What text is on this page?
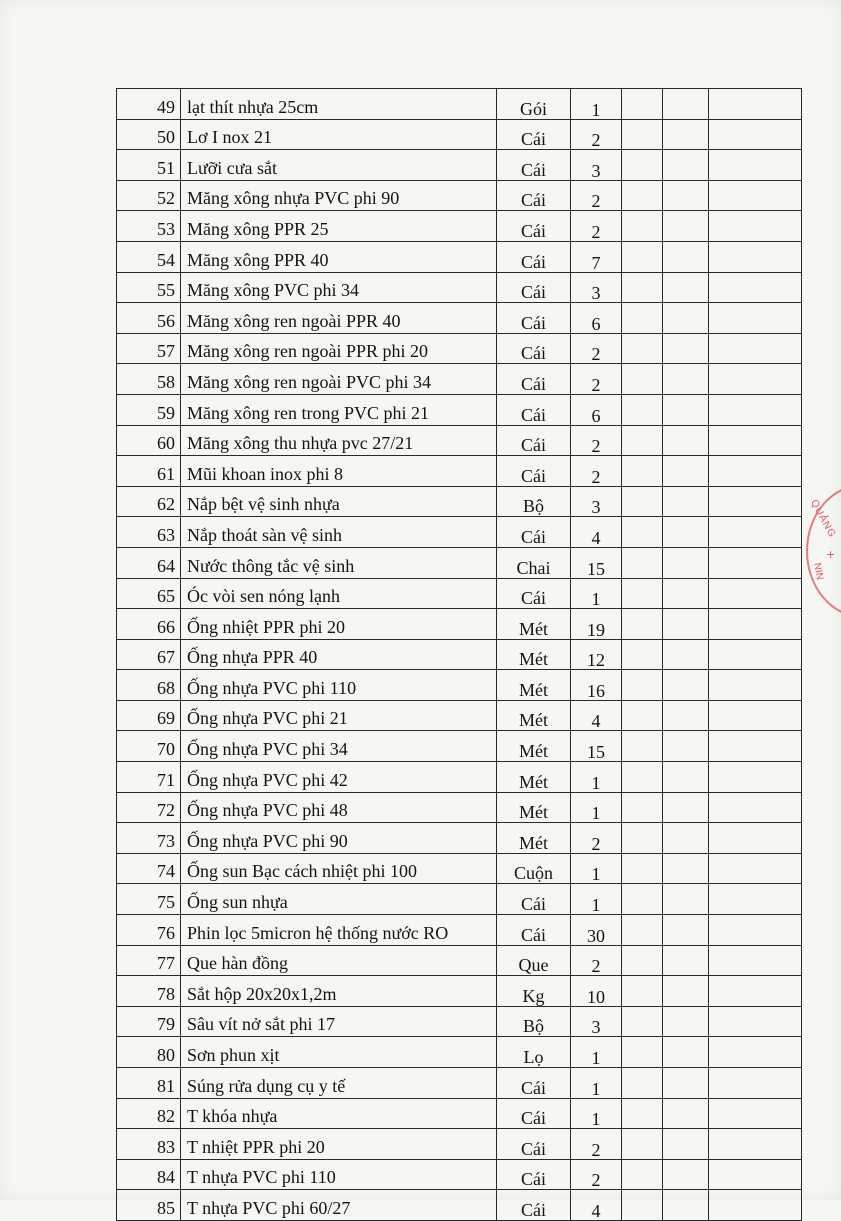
49	lạt thít nhựa 25cm	Gói	1			
50	Lơ I nox 21	Cái	2			
51	Lưỡi cưa sắt	Cái	3			
52	Măng xông nhựa PVC phi 90	Cái	2			
53	Măng xông PPR 25	Cái	2			
54	Măng xông PPR 40	Cái	7			
55	Măng xông PVC phi 34	Cái	3			
56	Măng xông ren ngoài PPR 40	Cái	6			
57	Măng xông ren ngoài PPR phi 20	Cái	2			
58	Măng xông ren ngoài PVC phi 34	Cái	2			
59	Măng xông ren trong PVC phi 21	Cái	6			
60	Măng xông thu nhựa pvc 27/21	Cái	2			
61	Mũi khoan inox phi 8	Cái	2			
62	Nắp bệt vệ sinh nhựa	Bộ	3			
63	Nắp thoát sàn vệ sinh	Cái	4			
64	Nước thông tắc vệ sinh	Chai	15			
65	Óc vòi sen nóng lạnh	Cái	1			
66	Ống nhiệt PPR phi 20	Mét	19			
67	Ống nhựa PPR 40	Mét	12			
68	Ống nhựa PVC phi 110	Mét	16			
69	Ống nhựa PVC phi 21	Mét	4			
70	Ống nhựa PVC phi 34	Mét	15			
71	Ống nhựa PVC phi 42	Mét	1			
72	Ống nhựa PVC phi 48	Mét	1			
73	Ống nhựa PVC phi 90	Mét	2			
74	Ống sun Bạc cách nhiệt phi 100	Cuộn	1			
75	Ống sun nhựa	Cái	1			
76	Phin lọc 5micron hệ thống nước RO	Cái	30			
77	Que hàn đồng	Que	2			
78	Sắt hộp 20x20x1,2m	Kg	10			
79	Sâu vít nở sắt phi 17	Bộ	3			
80	Sơn phun xịt	Lọ	1			
81	Súng rửa dụng cụ y tế	Cái	1			
82	T khóa nhựa	Cái	1			
83	T nhiệt PPR phi 20	Cái	2			
84	T nhựa PVC phi 110	Cái	2			
85	T nhựa PVC phi 60/27	Cái	4			
QUẢNG
+
NIN
